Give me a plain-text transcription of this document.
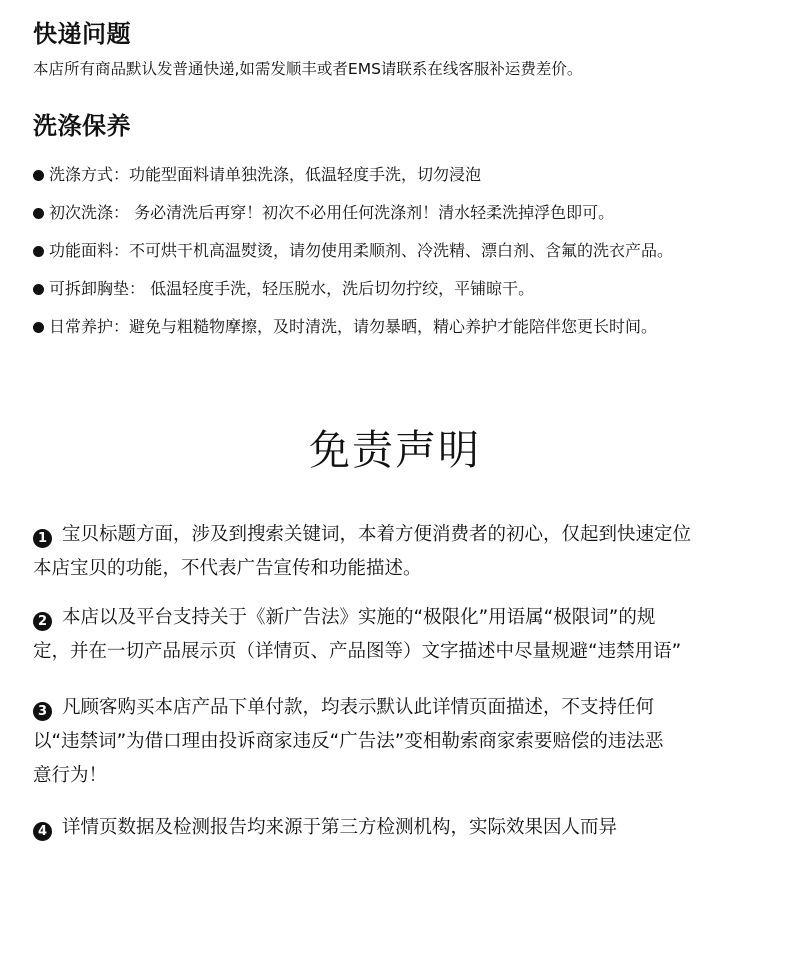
快递问题

本店所有商品默认发普通快递,如需发顺丰或者EMS请联系在线客服补运费差价。

洗涤保养
洗涤方式：功能型面料请单独洗涤，低温轻度手洗，切勿浸泡
初次洗涤： 务必清洗后再穿！初次不必用任何洗涤剂！清水轻柔洗掉浮色即可。
功能面料：不可烘干机高温熨烫，请勿使用柔顺剂、冷洗精、漂白剂、含氟的洗衣产品。
可拆卸胸垫： 低温轻度手洗，轻压脱水，洗后切勿拧绞，平铺晾干。
日常养护：避免与粗糙物摩擦，及时清洗，请勿暴晒，精心养护才能陪伴您更长时间。
免责声明

1 宝贝标题方面，涉及到搜索关键词，本着方便消费者的初心，仅起到快速定位
本店宝贝的功能，不代表广告宣传和功能描述。

2 本店以及平台支持关于《新广告法》实施的“极限化”用语属“极限词”的规
定，并在一切产品展示页（详情页、产品图等）文字描述中尽量规避“违禁用语”

3 凡顾客购买本店产品下单付款，均表示默认此详情页面描述，不支持任何
以“违禁词”为借口理由投诉商家违反“广告法”变相勒索商家索要赔偿的违法恶
意行为！

4 详情页数据及检测报告均来源于第三方检测机构，实际效果因人而异
